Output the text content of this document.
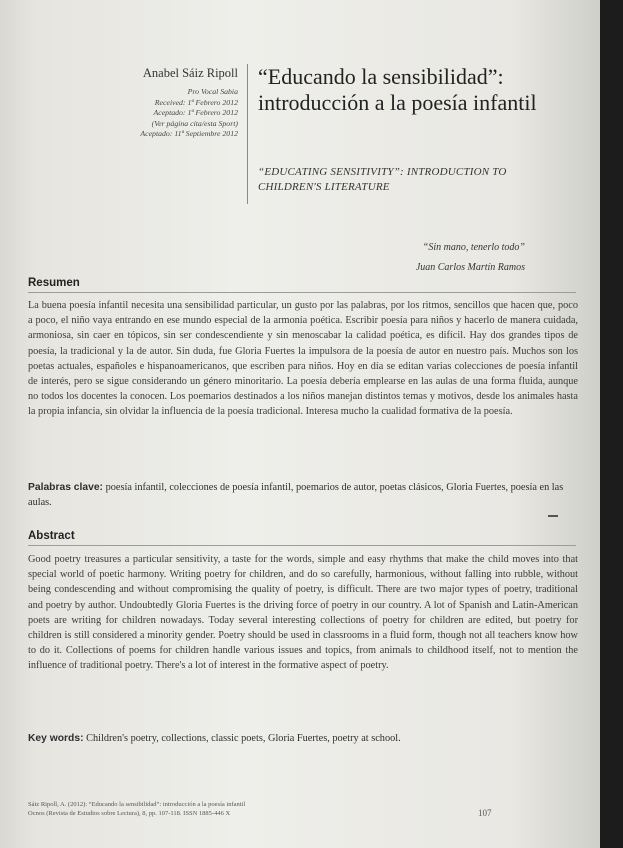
Anabel Sáiz Ripoll
Pro Vocal Sabia
Received: 1ª Febrero 2012
Aceptado: 1ª Febrero 2012
(Ver página cita/esta Sport)
Aceptado: 11ª Septiembre 2012
“Educando la sensibilidad”: introducción a la poesía infantil
“EDUCATING SENSITIVITY”: INTRODUCTION TO CHILDREN'S LITERATURE
“Sin mano, tenerlo todo”
Juan Carlos Martín Ramos
Resumen
La buena poesía infantil necesita una sensibilidad particular, un gusto por las palabras, por los ritmos, sencillos que hacen que, poco a poco, el niño vaya entrando en ese mundo especial de la armonía poética. Escribir poesía para niños y hacerlo de manera cuidada, armoniosa, sin caer en tópicos, sin ser condescendiente y sin menoscabar la calidad poética, es difícil. Hay dos grandes tipos de poesía, la tradicional y la de autor. Sin duda, fue Gloria Fuertes la impulsora de la poesía de autor en nuestro país. Muchos son los poetas actuales, españoles e hispanoamericanos, que escriben para niños. Hoy en día se editan varias colecciones de poesía infantil de interés, pero se sigue considerando un género minoritario. La poesía debería emplearse en las aulas de una forma fluida, aunque no todos los docentes la conocen. Los poemarios destinados a los niños manejan distintos temas y motivos, desde los animales hasta la propia infancia, sin olvidar la influencia de la poesía tradicional. Interesa mucho la cualidad formativa de la poesía.
Palabras clave: poesía infantil, colecciones de poesía infantil, poemarios de autor, poetas clásicos, Gloria Fuertes, poesía en las aulas.
Abstract
Good poetry treasures a particular sensitivity, a taste for the words, simple and easy rhythms that make the child moves into that special world of poetic harmony. Writing poetry for children, and do so carefully, harmonious, without falling into rubble, without being condescending and without compromising the quality of poetry, is difficult. There are two major types of poetry, traditional and poetry by author. Undoubtedly Gloria Fuertes is the driving force of poetry in our country. A lot of Spanish and Latin-American poets are writing for children nowadays. Today several interesting collections of poetry for children are edited, but poetry for children is still considered a minority gender. Poetry should be used in classrooms in a fluid form, though not all teachers know how to do it. Collections of poems for children handle various issues and topics, from animals to childhood itself, not to mention the influence of traditional poetry. There's a lot of interest in the formative aspect of poetry.
Key words: Children's poetry, collections, classic poets, Gloria Fuertes, poetry at school.
Sáiz Ripoll, A. (2012): “Educando la sensibilidad”: introducción a la poesía infantil
Ocnos (Revista de Estudios sobre Lectura), 8, pp. 107-118. ISSN 1885-446 X	107
